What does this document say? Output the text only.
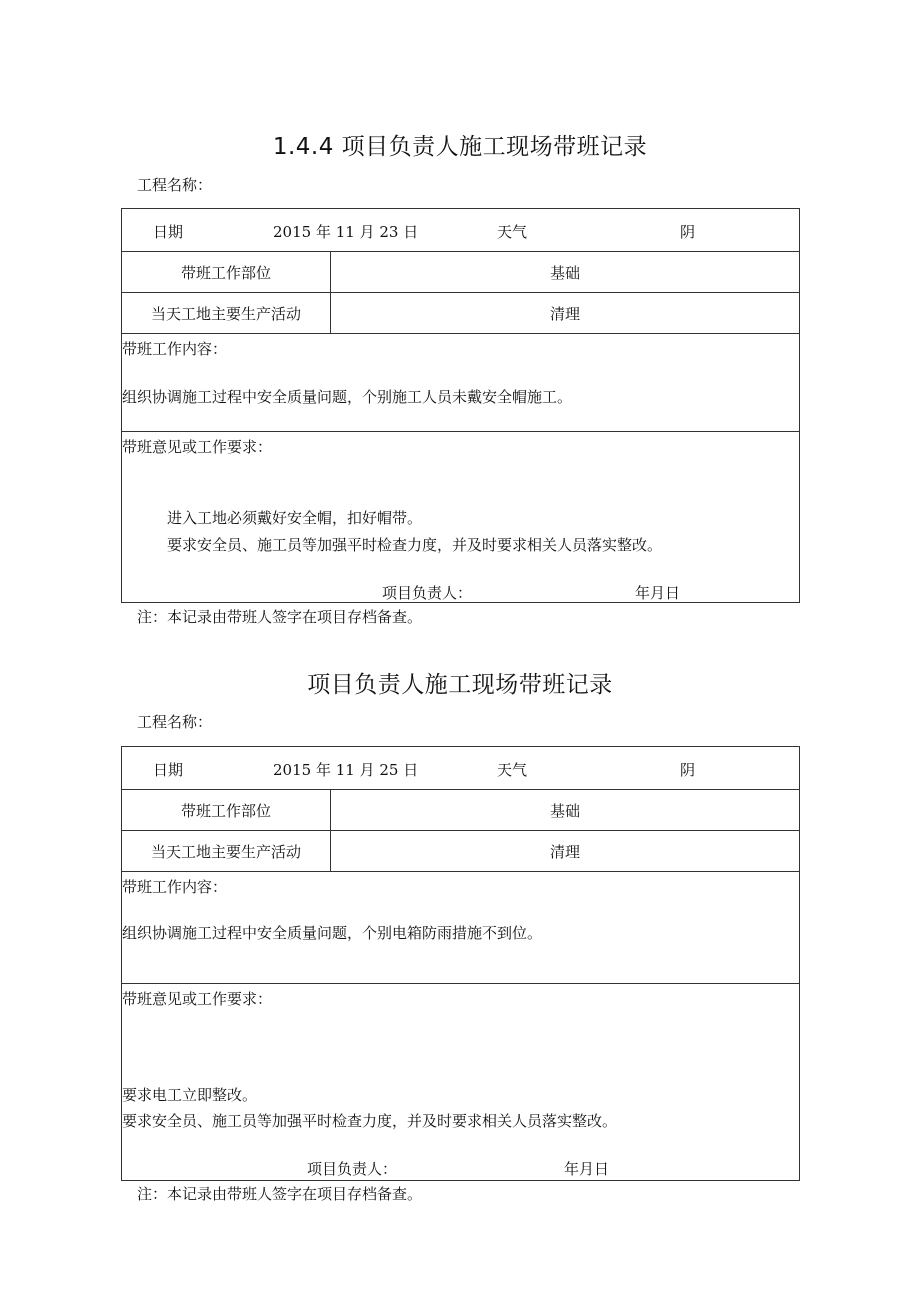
1.4.4 项目负责人施工现场带班记录
工程名称：
日期	2015 年 11 月 23 日	天气	阴
带班工作部位	基础
当天工地主要生产活动	清理
带班工作内容：
组织协调施工过程中安全质量问题，个别施工人员未戴安全帽施工。
带班意见或工作要求：
进入工地必须戴好安全帽，扣好帽带。
要求安全员、施工员等加强平时检查力度，并及时要求相关人员落实整改。
项目负责人：	年月日
注：本记录由带班人签字在项目存档备查。
项目负责人施工现场带班记录
工程名称：
日期	2015 年 11 月 25 日	天气	阴
带班工作部位	基础
当天工地主要生产活动	清理
带班工作内容：
组织协调施工过程中安全质量问题，个别电箱防雨措施不到位。
带班意见或工作要求：
要求电工立即整改。
要求安全员、施工员等加强平时检查力度，并及时要求相关人员落实整改。
项目负责人：	年月日
注：本记录由带班人签字在项目存档备查。
